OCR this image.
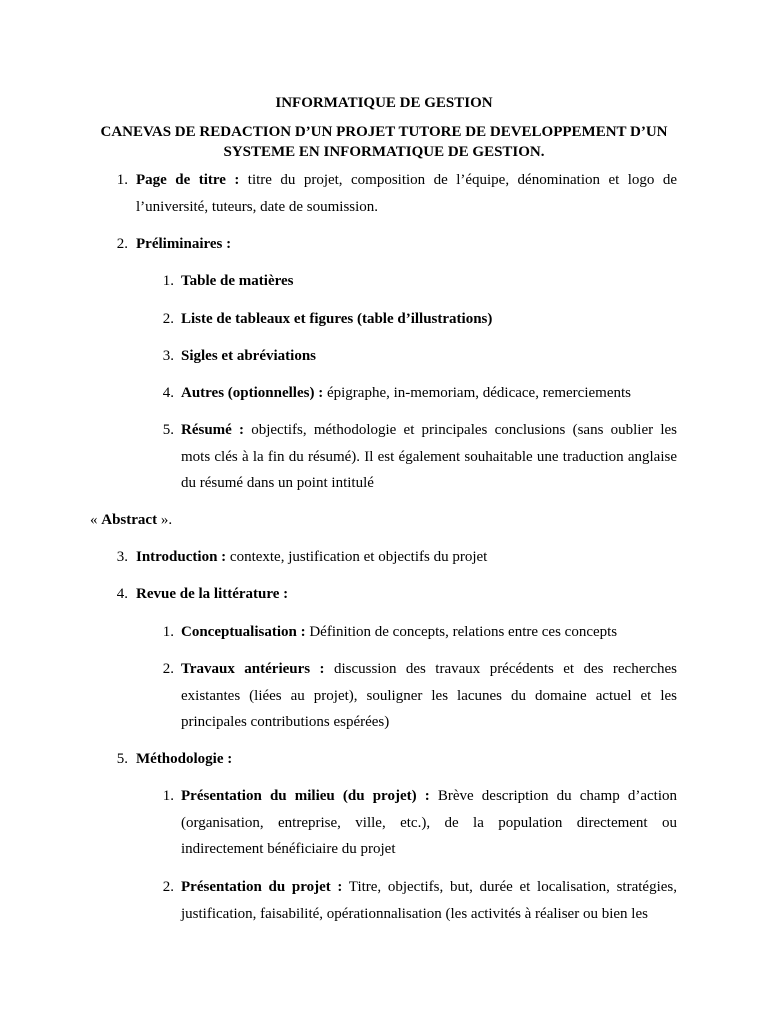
INFORMATIQUE DE GESTION

CANEVAS DE REDACTION D’UN PROJET TUTORE DE DEVELOPPEMENT D’UN

SYSTEME EN INFORMATIQUE DE GESTION.

1. Page de titre : titre du projet, composition de l’équipe, dénomination et logo de l’université, tuteurs, date de soumission.
2. Préliminaires :
1. Table de matières
2. Liste de tableaux et figures (table d’illustrations)
3. Sigles et abréviations
4. Autres (optionnelles) : épigraphe, in-memoriam, dédicace, remerciements
5. Résumé : objectifs, méthodologie et principales conclusions (sans oublier les mots clés à la fin du résumé). Il est également souhaitable une traduction anglaise du résumé dans un point intitulé
« Abstract ».
3. Introduction : contexte, justification et objectifs du projet
4. Revue de la littérature :
1. Conceptualisation : Définition de concepts, relations entre ces concepts
2. Travaux antérieurs : discussion des travaux précédents et des recherches existantes (liées au projet), souligner les lacunes du domaine actuel et les principales contributions espérées)
5. Méthodologie :
1. Présentation du milieu (du projet) : Brève description du champ d’action (organisation, entreprise, ville, etc.), de la population directement ou indirectement bénéficiaire du projet
2. Présentation du projet : Titre, objectifs, but, durée et localisation, stratégies, justification, faisabilité, opérationnalisation (les activités à réaliser ou bien les
